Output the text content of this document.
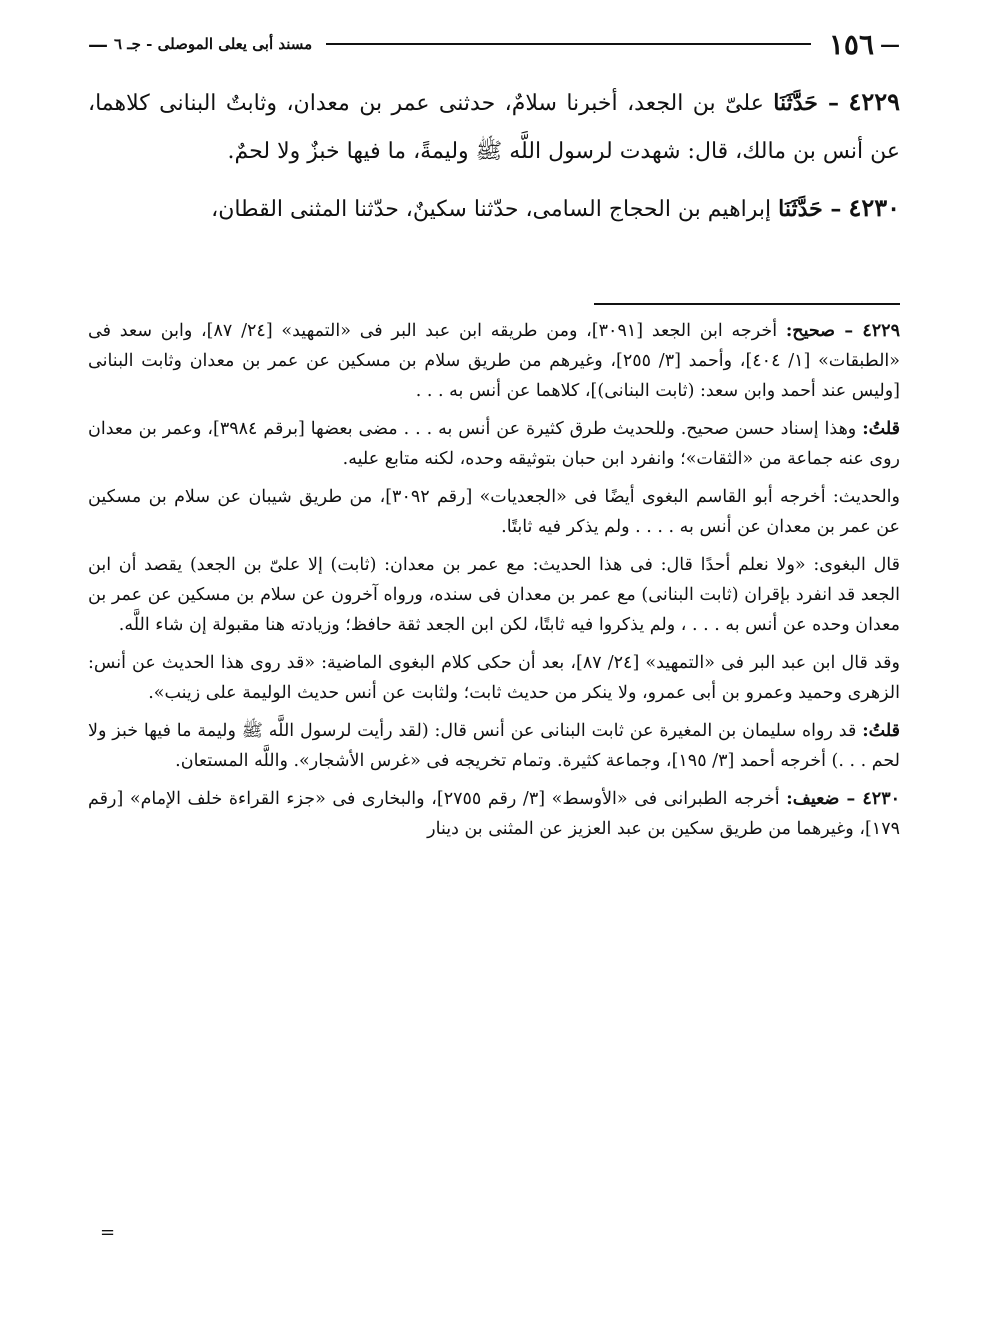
—
١٥٦
مسند أبى يعلى الموصلى - جـ ٦
—

٤٢٢٩ – حَدَّثَنَا علىّ بن الجعد، أخبرنا سلامٌ، حدثنى عمر بن معدان، وثابتٌ البنانى كلاهما، عن أنس بن مالك، قال: شهدت لرسول اللَّه ﷺ وليمةً، ما فيها خبزٌ ولا لحمٌ.

٤٢٣٠ – حَدَّثَنَا إبراهيم بن الحجاج السامى، حدّثنا سكينٌ، حدّثنا المثنى القطان،

٤٢٢٩ – صحيح: أخرجه ابن الجعد [٣٠٩١]، ومن طريقه ابن عبد البر فى «التمهيد» [٢٤/ ٨٧]، وابن سعد فى «الطبقات» [١/ ٤٠٤]، وأحمد [٣/ ٢٥٥]، وغيرهم من طريق سلام بن مسكين عن عمر بن معدان وثابت البنانى [وليس عند أحمد وابن سعد: (ثابت البنانى)]، كلاهما عن أنس به . . .

قلتُ: وهذا إسناد حسن صحيح. وللحديث طرق كثيرة عن أنس به . . . مضى بعضها [برقم ٣٩٨٤]، وعمر بن معدان روى عنه جماعة من «الثقات»؛ وانفرد ابن حبان بتوثيقه وحده، لكنه متابع عليه.

والحديث: أخرجه أبو القاسم البغوى أيضًا فى «الجعديات» [رقم ٣٠٩٢]، من طريق شيبان عن سلام بن مسكين عن عمر بن معدان عن أنس به . . . . ولم يذكر فيه ثابتًا.

قال البغوى: «ولا نعلم أحدًا قال: فى هذا الحديث: مع عمر بن معدان: (ثابت) إلا علىّ بن الجعد) يقصد أن ابن الجعد قد انفرد بإقران (ثابت البنانى) مع عمر بن معدان فى سنده، ورواه آخرون عن سلام بن مسكين عن عمر بن معدان وحده عن أنس به . . . ، ولم يذكروا فيه ثابتًا، لكن ابن الجعد ثقة حافظ؛ وزيادته هنا مقبولة إن شاء اللَّه.

وقد قال ابن عبد البر فى «التمهيد» [٢٤/ ٨٧]، بعد أن حكى كلام البغوى الماضية: «قد روى هذا الحديث عن أنس: الزهرى وحميد وعمرو بن أبى عمرو، ولا ينكر من حديث ثابت؛ ولثابت عن أنس حديث الوليمة على زينب».

قلتُ: قد رواه سليمان بن المغيرة عن ثابت البنانى عن أنس قال: (لقد رأيت لرسول اللَّه ﷺ وليمة ما فيها خبز ولا لحم . . .) أخرجه أحمد [٣/ ١٩٥]، وجماعة كثيرة. وتمام تخريجه فى «غرس الأشجار». واللَّه المستعان.

٤٢٣٠ – ضعيف: أخرجه الطبرانى فى «الأوسط» [٣/ رقم ٢٧٥٥]، والبخارى فى «جزء القراءة خلف الإمام» [رقم ١٧٩]، وغيرهما من طريق سكين بن عبد العزيز عن المثنى بن دينار

=
